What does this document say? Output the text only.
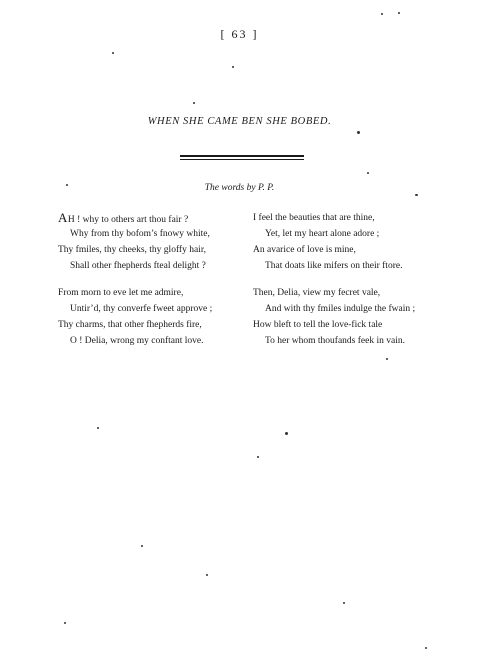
[ 63 ]
WHEN SHE CAME BEN SHE BOBED.
The words by P. P.
AH ! why to others art thou fair ?
Why from thy bofom’s fnowy white,
Thy fmiles, thy cheeks, thy gloffy hair,
Shall other fhepherds fteal delight ?
From morn to eve let me admire,
Untir’d, thy converfe fweet approve ;
Thy charms, that other fhepherds fire,
O ! Delia, wrong my conftant love.
I feel the beauties that are thine,
Yet, let my heart alone adore ;
An avarice of love is mine,
That doats like mifers on their ftore.
Then, Delia, view my fecret vale,
And with thy fmiles indulge the fwain ;
How bleft to tell the love-fick tale
To her whom thoufands feek in vain.
